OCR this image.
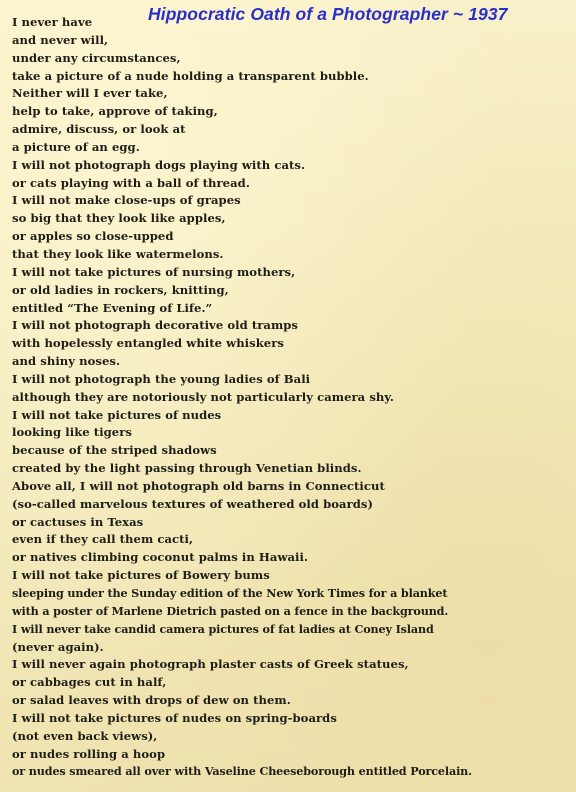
Hippocratic Oath of a Photographer ~ 1937
I never have
and never will,
under any circumstances,
take a picture of a nude holding a transparent bubble.
Neither will I ever take,
help to take, approve of taking,
admire, discuss, or look at
a picture of an egg.
I will not photograph dogs playing with cats.
or cats playing with a ball of thread.
I will not make close-ups of grapes
so big that they look like apples,
or apples so close-upped
that they look like watermelons.
I will not take pictures of nursing mothers,
or old ladies in rockers, knitting,
entitled “The Evening of Life.”
I will not photograph decorative old tramps
with hopelessly entangled white whiskers
and shiny noses.
I will not photograph the young ladies of Bali
although they are notoriously not particularly camera shy.
I will not take pictures of nudes
looking like tigers
because of the striped shadows
created by the light passing through Venetian blinds.
Above all, I will not photograph old barns in Connecticut
(so-called marvelous textures of weathered old boards)
or cactuses in Texas
even if they call them cacti,
or natives climbing coconut palms in Hawaii.
I will not take pictures of Bowery bums
sleeping under the Sunday edition of the New York Times for a blanket
with a poster of Marlene Dietrich pasted on a fence in the background.
I will never take candid camera pictures of fat ladies at Coney Island
(never again).
I will never again photograph plaster casts of Greek statues,
or cabbages cut in half,
or salad leaves with drops of dew on them.
I will not take pictures of nudes on spring-boards
(not even back views),
or nudes rolling a hoop
or nudes smeared all over with Vaseline Cheeseborough entitled Porcelain.
